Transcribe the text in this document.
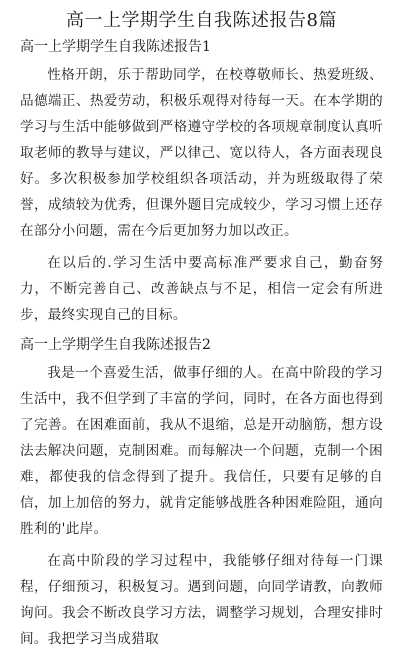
高一上学期学生自我陈述报告8篇
高一上学期学生自我陈述报告1

性格开朗，乐于帮助同学，在校尊敬师长、热爱班级、品德端正、热爱劳动，积极乐观得对待每一天。在本学期的学习与生活中能够做到严格遵守学校的各项规章制度认真听取老师的教导与建议，严以律己、宽以待人，各方面表现良好。多次积极参加学校组织各项活动，并为班级取得了荣誉，成绩较为优秀，但课外题目完成较少，学习习惯上还存在部分小问题，需在今后更加努力加以改正。

在以后的.学习生活中要高标准严要求自己，勤奋努力，不断完善自己、改善缺点与不足，相信一定会有所进步，最终实现自己的目标。

高一上学期学生自我陈述报告2

我是一个喜爱生活，做事仔细的人。在高中阶段的学习生活中，我不但学到了丰富的学问，同时，在各方面也得到了完善。在困难面前，我从不退缩，总是开动脑筋，想方设法去解决问题，克制困难。而每解决一个问题，克制一个困难，都使我的信念得到了提升。我信任，只要有足够的自信，加上加倍的努力，就肯定能够战胜各种困难险阻，通向胜利的'此岸。

在高中阶段的学习过程中，我能够仔细对待每一门课程，仔细预习，积极复习。遇到问题，向同学请教，向教师询问。我会不断改良学习方法，调整学习规划，合理安排时间。我把学习当成猎取
